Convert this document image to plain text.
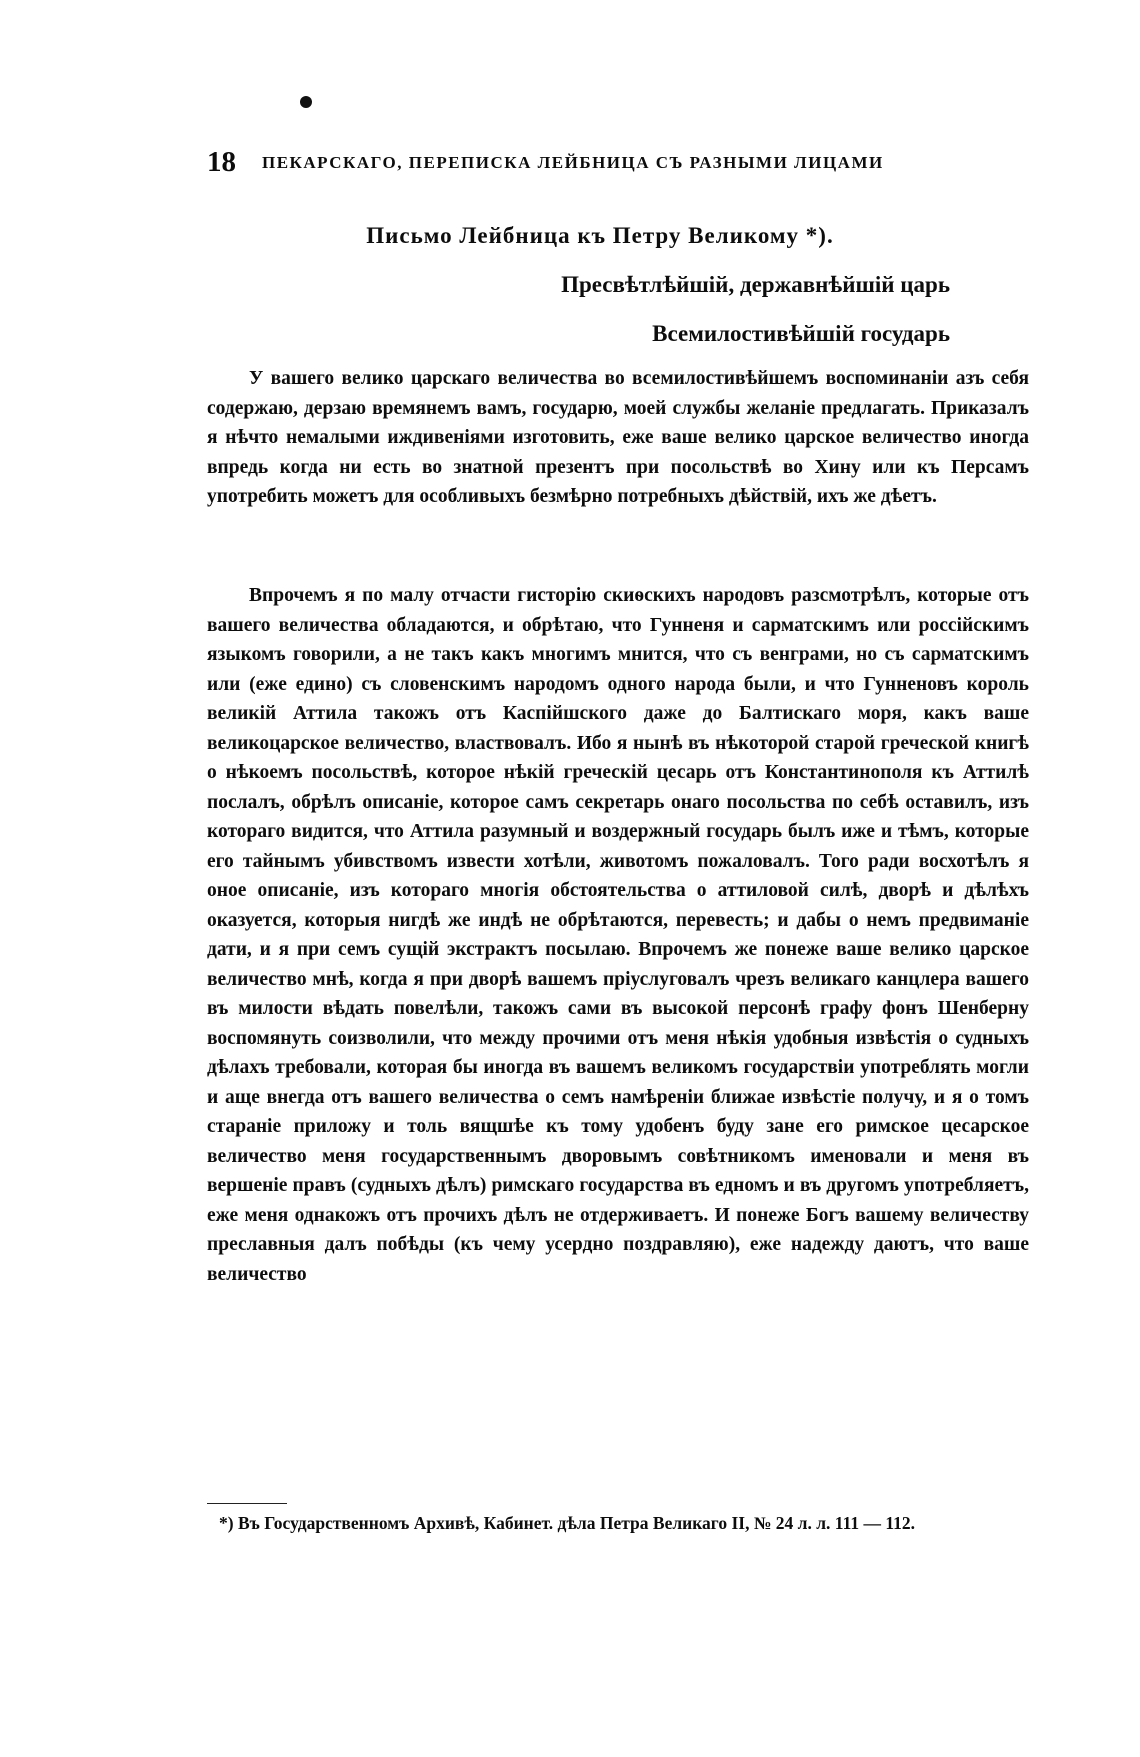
18 ПЕКАРСКАГО, ПЕРЕПИСКА ЛЕЙБНИЦА СЪ РАЗНЫМИ ЛИЦАМИ
Письмо Лейбница къ Петру Великому *).
Пресвѣтлѣйшій, державнѣйшій царь
Всемилостивѣйшій государь

У вашего велико царскаго величества во всемилостивѣйшемъ воспоминаніи азъ себя содержаю, дерзаю времянемъ вамъ, государю, моей службы желаніе предлагать. Приказалъ я нѣчто немалыми иждивеніями изготовить, еже ваше велико царское величество иногда впредь когда ни есть во знатной презентъ при посольствѣ во Хину или къ Персамъ употребить можетъ для особливыхъ безмѣрно потребныхъ дѣйствій, ихъ же дѣетъ.

Впрочемъ я по малу отчасти гисторію скиѳскихъ народовъ разсмотрѣлъ, которые отъ вашего величества обладаются, и обрѣтаю, что Гунненя и сарматскимъ или россійскимъ языкомъ говорили, а не такъ какъ многимъ мнится, что съ венграми, но съ сарматскимъ или (еже едино) съ словенскимъ народомъ одного народа были, и что Гунненовъ король великій Аттила такожъ отъ Каспійшского даже до Балтискаго моря, какъ ваше великоцарское величество, властвовалъ. Ибо я нынѣ въ нѣкоторой старой греческой книгѣ о нѣкоемъ посольствѣ, которое нѣкій греческій цесарь отъ Константинополя къ Аттилѣ послалъ, обрѣлъ описаніе, которое самъ секретарь онаго посольства по себѣ оставилъ, изъ котораго видится, что Аттила разумный и воздержный государь былъ иже и тѣмъ, которые его тайнымъ убивствомъ извести хотѣли, животомъ пожаловалъ. Того ради восхотѣлъ я оное описаніе, изъ котораго многія обстоятельства о аттиловой силѣ, дворѣ и дѣлѣхъ оказуется, которыя нигдѣ же индѣ не обрѣтаются, перевесть; и дабы о немъ предвиманіе дати, и я при семъ сущій экстрактъ посылаю. Впрочемъ же понеже ваше велико царское величество мнѣ, когда я при дворѣ вашемъ пріуслуговалъ чрезъ великаго канцлера вашего въ милости вѣдать повелѣли, такожъ сами въ высокой персонѣ графу фонъ Шенберну воспомянуть соизволили, что между прочими отъ меня нѣкія удобныя извѣстія о судныхъ дѣлахъ требовали, которая бы иногда въ вашемъ великомъ государствіи употреблять могли и аще внегда отъ вашего величества о семъ намѣреніи ближае извѣстіе получу, и я о томъ стараніе приложу и толь вящшѣе къ тому удобенъ буду зане его римское цесарское величество меня государственнымъ дворовымъ совѣтникомъ именовали и меня въ вершеніе правъ (судныхъ дѣлъ) римскаго государства въ едномъ и въ другомъ употребляетъ, еже меня однакожъ отъ прочихъ дѣлъ не отдерживаетъ. И понеже Богъ вашему величеству преславныя далъ побѣды (къ чему усердно поздравляю), еже надежду даютъ, что ваше величество

*) Въ Государственномъ Архивѣ, Кабинет. дѣла Петра Великаго II, № 24 л. л. 111 — 112.
